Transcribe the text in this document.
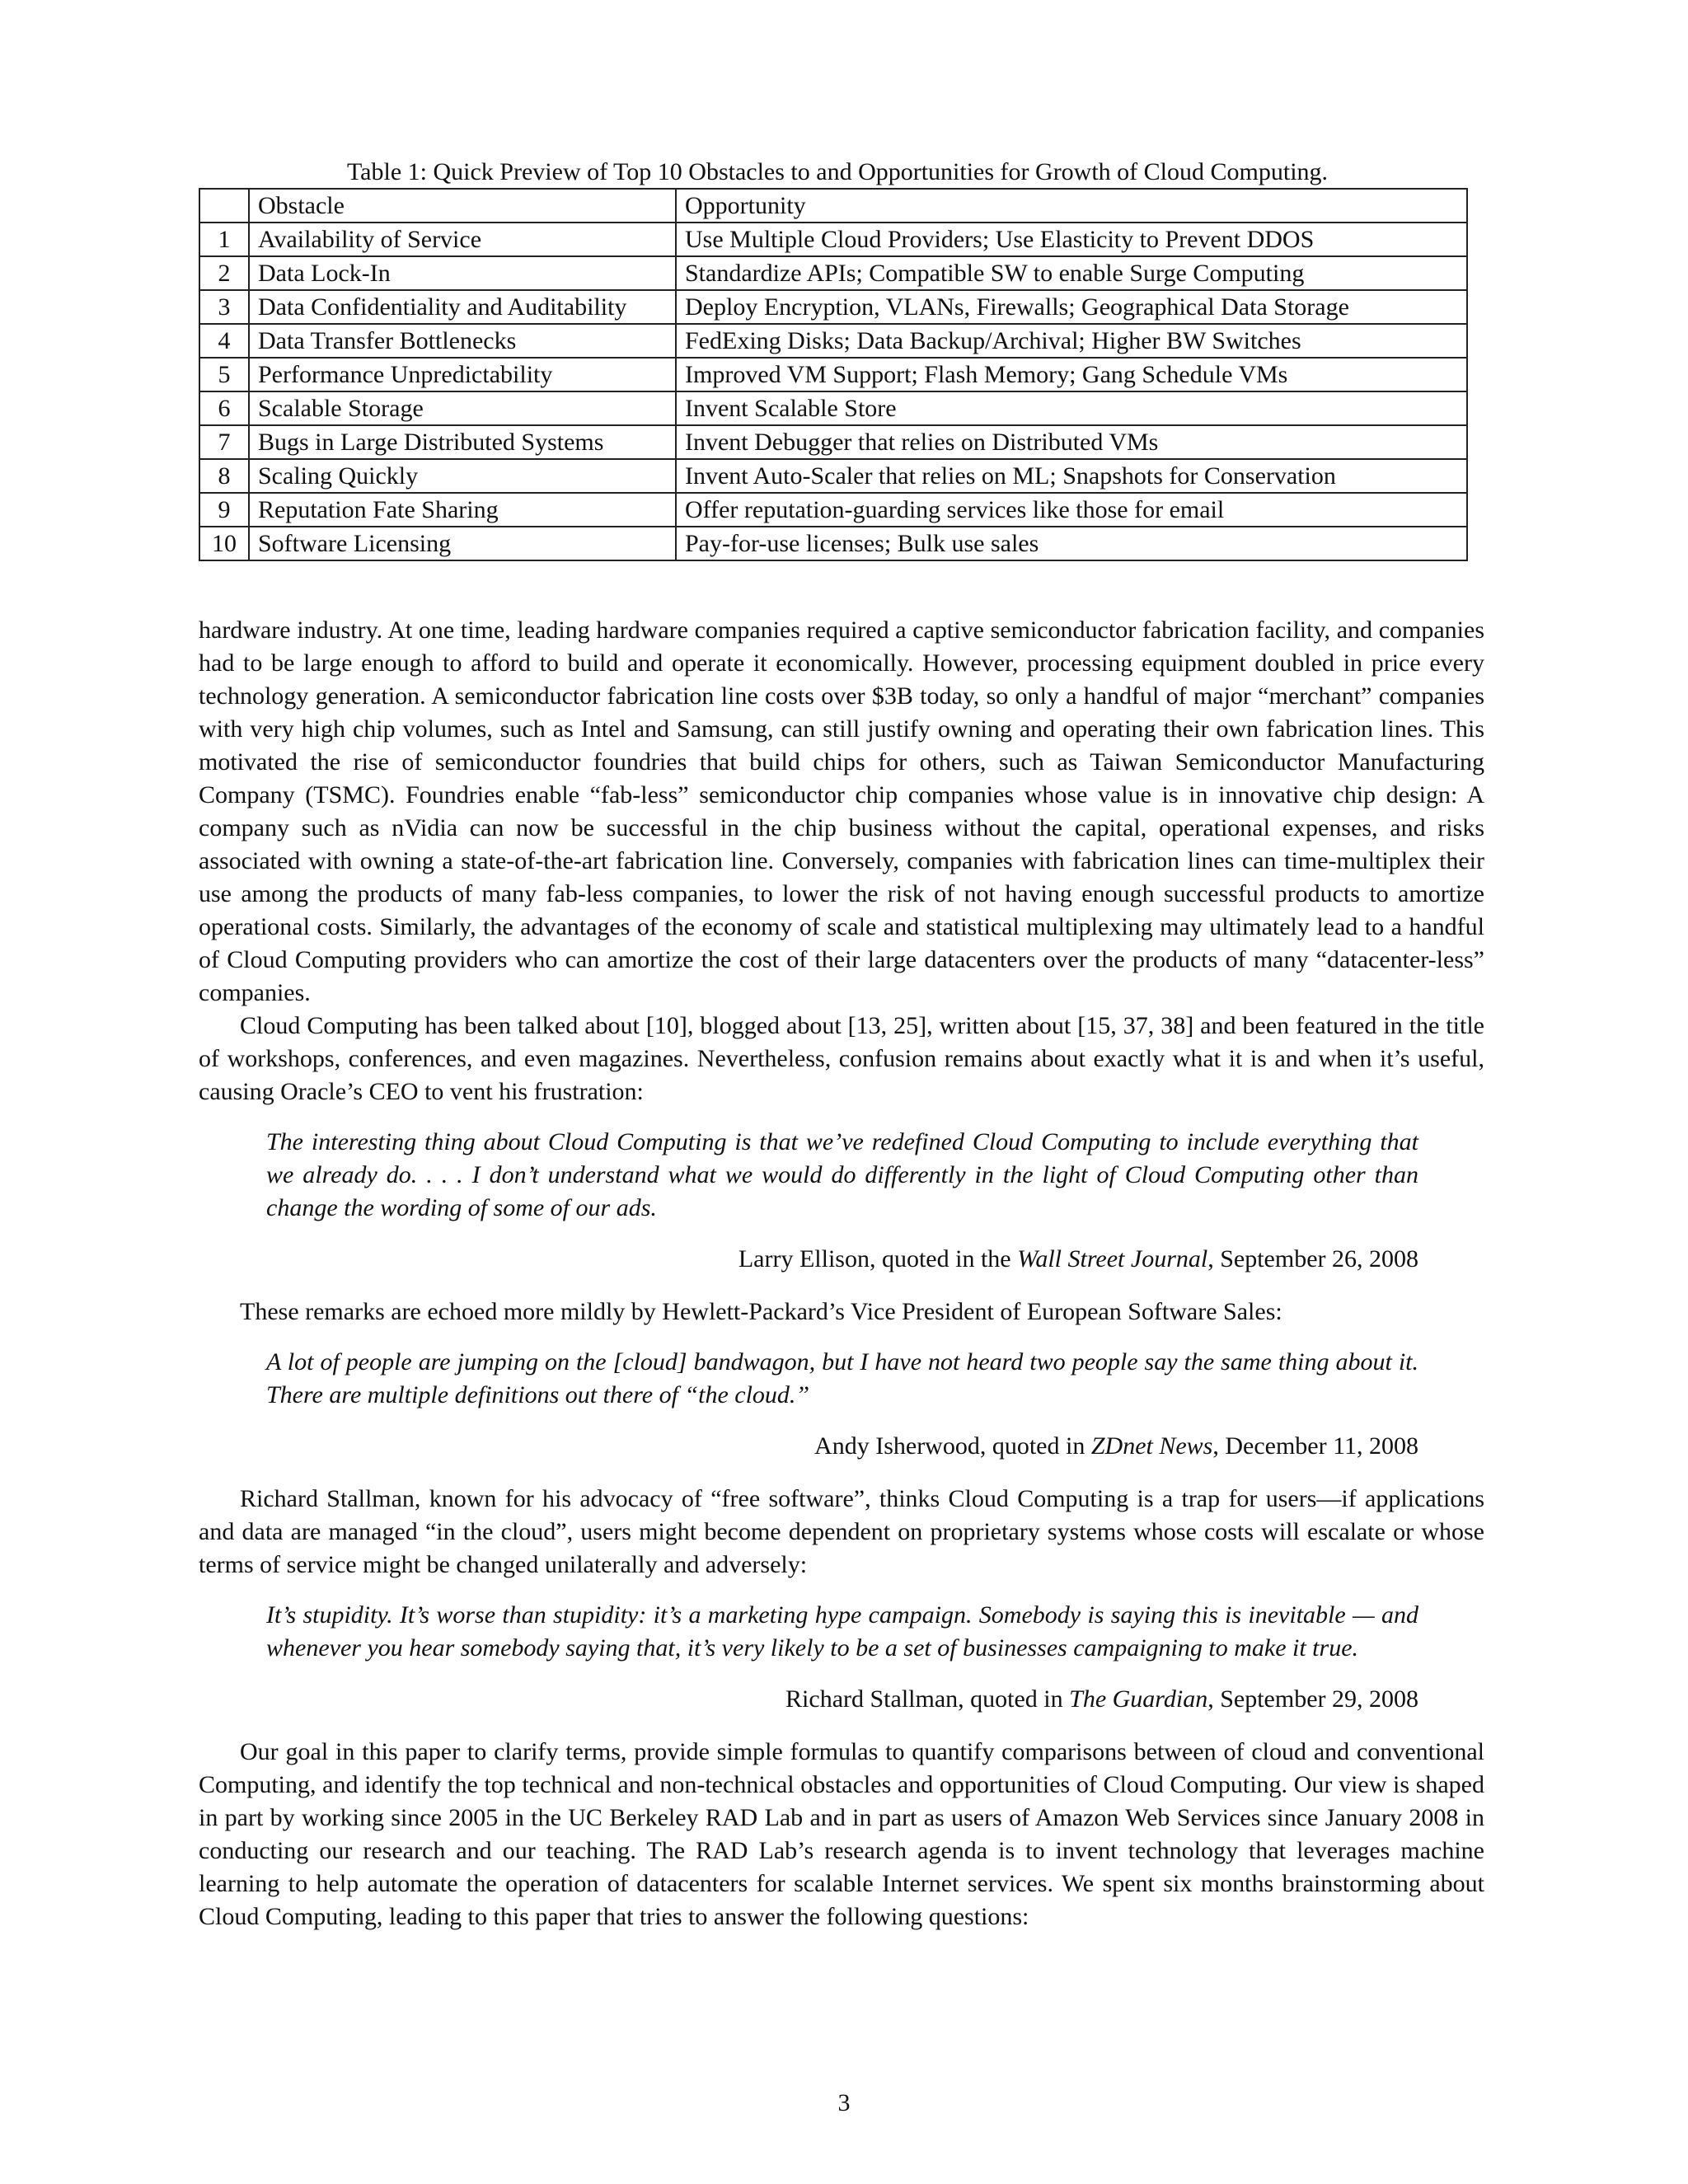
Table 1: Quick Preview of Top 10 Obstacles to and Opportunities for Growth of Cloud Computing.

	Obstacle	Opportunity
1	Availability of Service	Use Multiple Cloud Providers; Use Elasticity to Prevent DDOS
2	Data Lock-In	Standardize APIs; Compatible SW to enable Surge Computing
3	Data Confidentiality and Auditability	Deploy Encryption, VLANs, Firewalls; Geographical Data Storage
4	Data Transfer Bottlenecks	FedExing Disks; Data Backup/Archival; Higher BW Switches
5	Performance Unpredictability	Improved VM Support; Flash Memory; Gang Schedule VMs
6	Scalable Storage	Invent Scalable Store
7	Bugs in Large Distributed Systems	Invent Debugger that relies on Distributed VMs
8	Scaling Quickly	Invent Auto-Scaler that relies on ML; Snapshots for Conservation
9	Reputation Fate Sharing	Offer reputation-guarding services like those for email
10	Software Licensing	Pay-for-use licenses; Bulk use sales

hardware industry. At one time, leading hardware companies required a captive semiconductor fabrication facility, and companies had to be large enough to afford to build and operate it economically. However, processing equipment doubled in price every technology generation. A semiconductor fabrication line costs over $3B today, so only a handful of major “merchant” companies with very high chip volumes, such as Intel and Samsung, can still justify owning and operating their own fabrication lines. This motivated the rise of semiconductor foundries that build chips for others, such as Taiwan Semiconductor Manufacturing Company (TSMC). Foundries enable “fab-less” semiconductor chip companies whose value is in innovative chip design: A company such as nVidia can now be successful in the chip business without the capital, operational expenses, and risks associated with owning a state-of-the-art fabrication line. Conversely, companies with fabrication lines can time-multiplex their use among the products of many fab-less companies, to lower the risk of not having enough successful products to amortize operational costs. Similarly, the advantages of the economy of scale and statistical multiplexing may ultimately lead to a handful of Cloud Computing providers who can amortize the cost of their large datacenters over the products of many “datacenter-less” companies.

Cloud Computing has been talked about [10], blogged about [13, 25], written about [15, 37, 38] and been featured in the title of workshops, conferences, and even magazines. Nevertheless, confusion remains about exactly what it is and when it’s useful, causing Oracle’s CEO to vent his frustration:

The interesting thing about Cloud Computing is that we’ve redefined Cloud Computing to include everything that we already do. . . . I don’t understand what we would do differently in the light of Cloud Computing other than change the wording of some of our ads.

Larry Ellison, quoted in the Wall Street Journal, September 26, 2008

These remarks are echoed more mildly by Hewlett-Packard’s Vice President of European Software Sales:

A lot of people are jumping on the [cloud] bandwagon, but I have not heard two people say the same thing about it. There are multiple definitions out there of “the cloud.”

Andy Isherwood, quoted in ZDnet News, December 11, 2008

Richard Stallman, known for his advocacy of “free software”, thinks Cloud Computing is a trap for users—if applications and data are managed “in the cloud”, users might become dependent on proprietary systems whose costs will escalate or whose terms of service might be changed unilaterally and adversely:

It’s stupidity. It’s worse than stupidity: it’s a marketing hype campaign. Somebody is saying this is inevitable — and whenever you hear somebody saying that, it’s very likely to be a set of businesses campaigning to make it true.

Richard Stallman, quoted in The Guardian, September 29, 2008

Our goal in this paper to clarify terms, provide simple formulas to quantify comparisons between of cloud and conventional Computing, and identify the top technical and non-technical obstacles and opportunities of Cloud Computing. Our view is shaped in part by working since 2005 in the UC Berkeley RAD Lab and in part as users of Amazon Web Services since January 2008 in conducting our research and our teaching. The RAD Lab’s research agenda is to invent technology that leverages machine learning to help automate the operation of datacenters for scalable Internet services. We spent six months brainstorming about Cloud Computing, leading to this paper that tries to answer the following questions:

3
